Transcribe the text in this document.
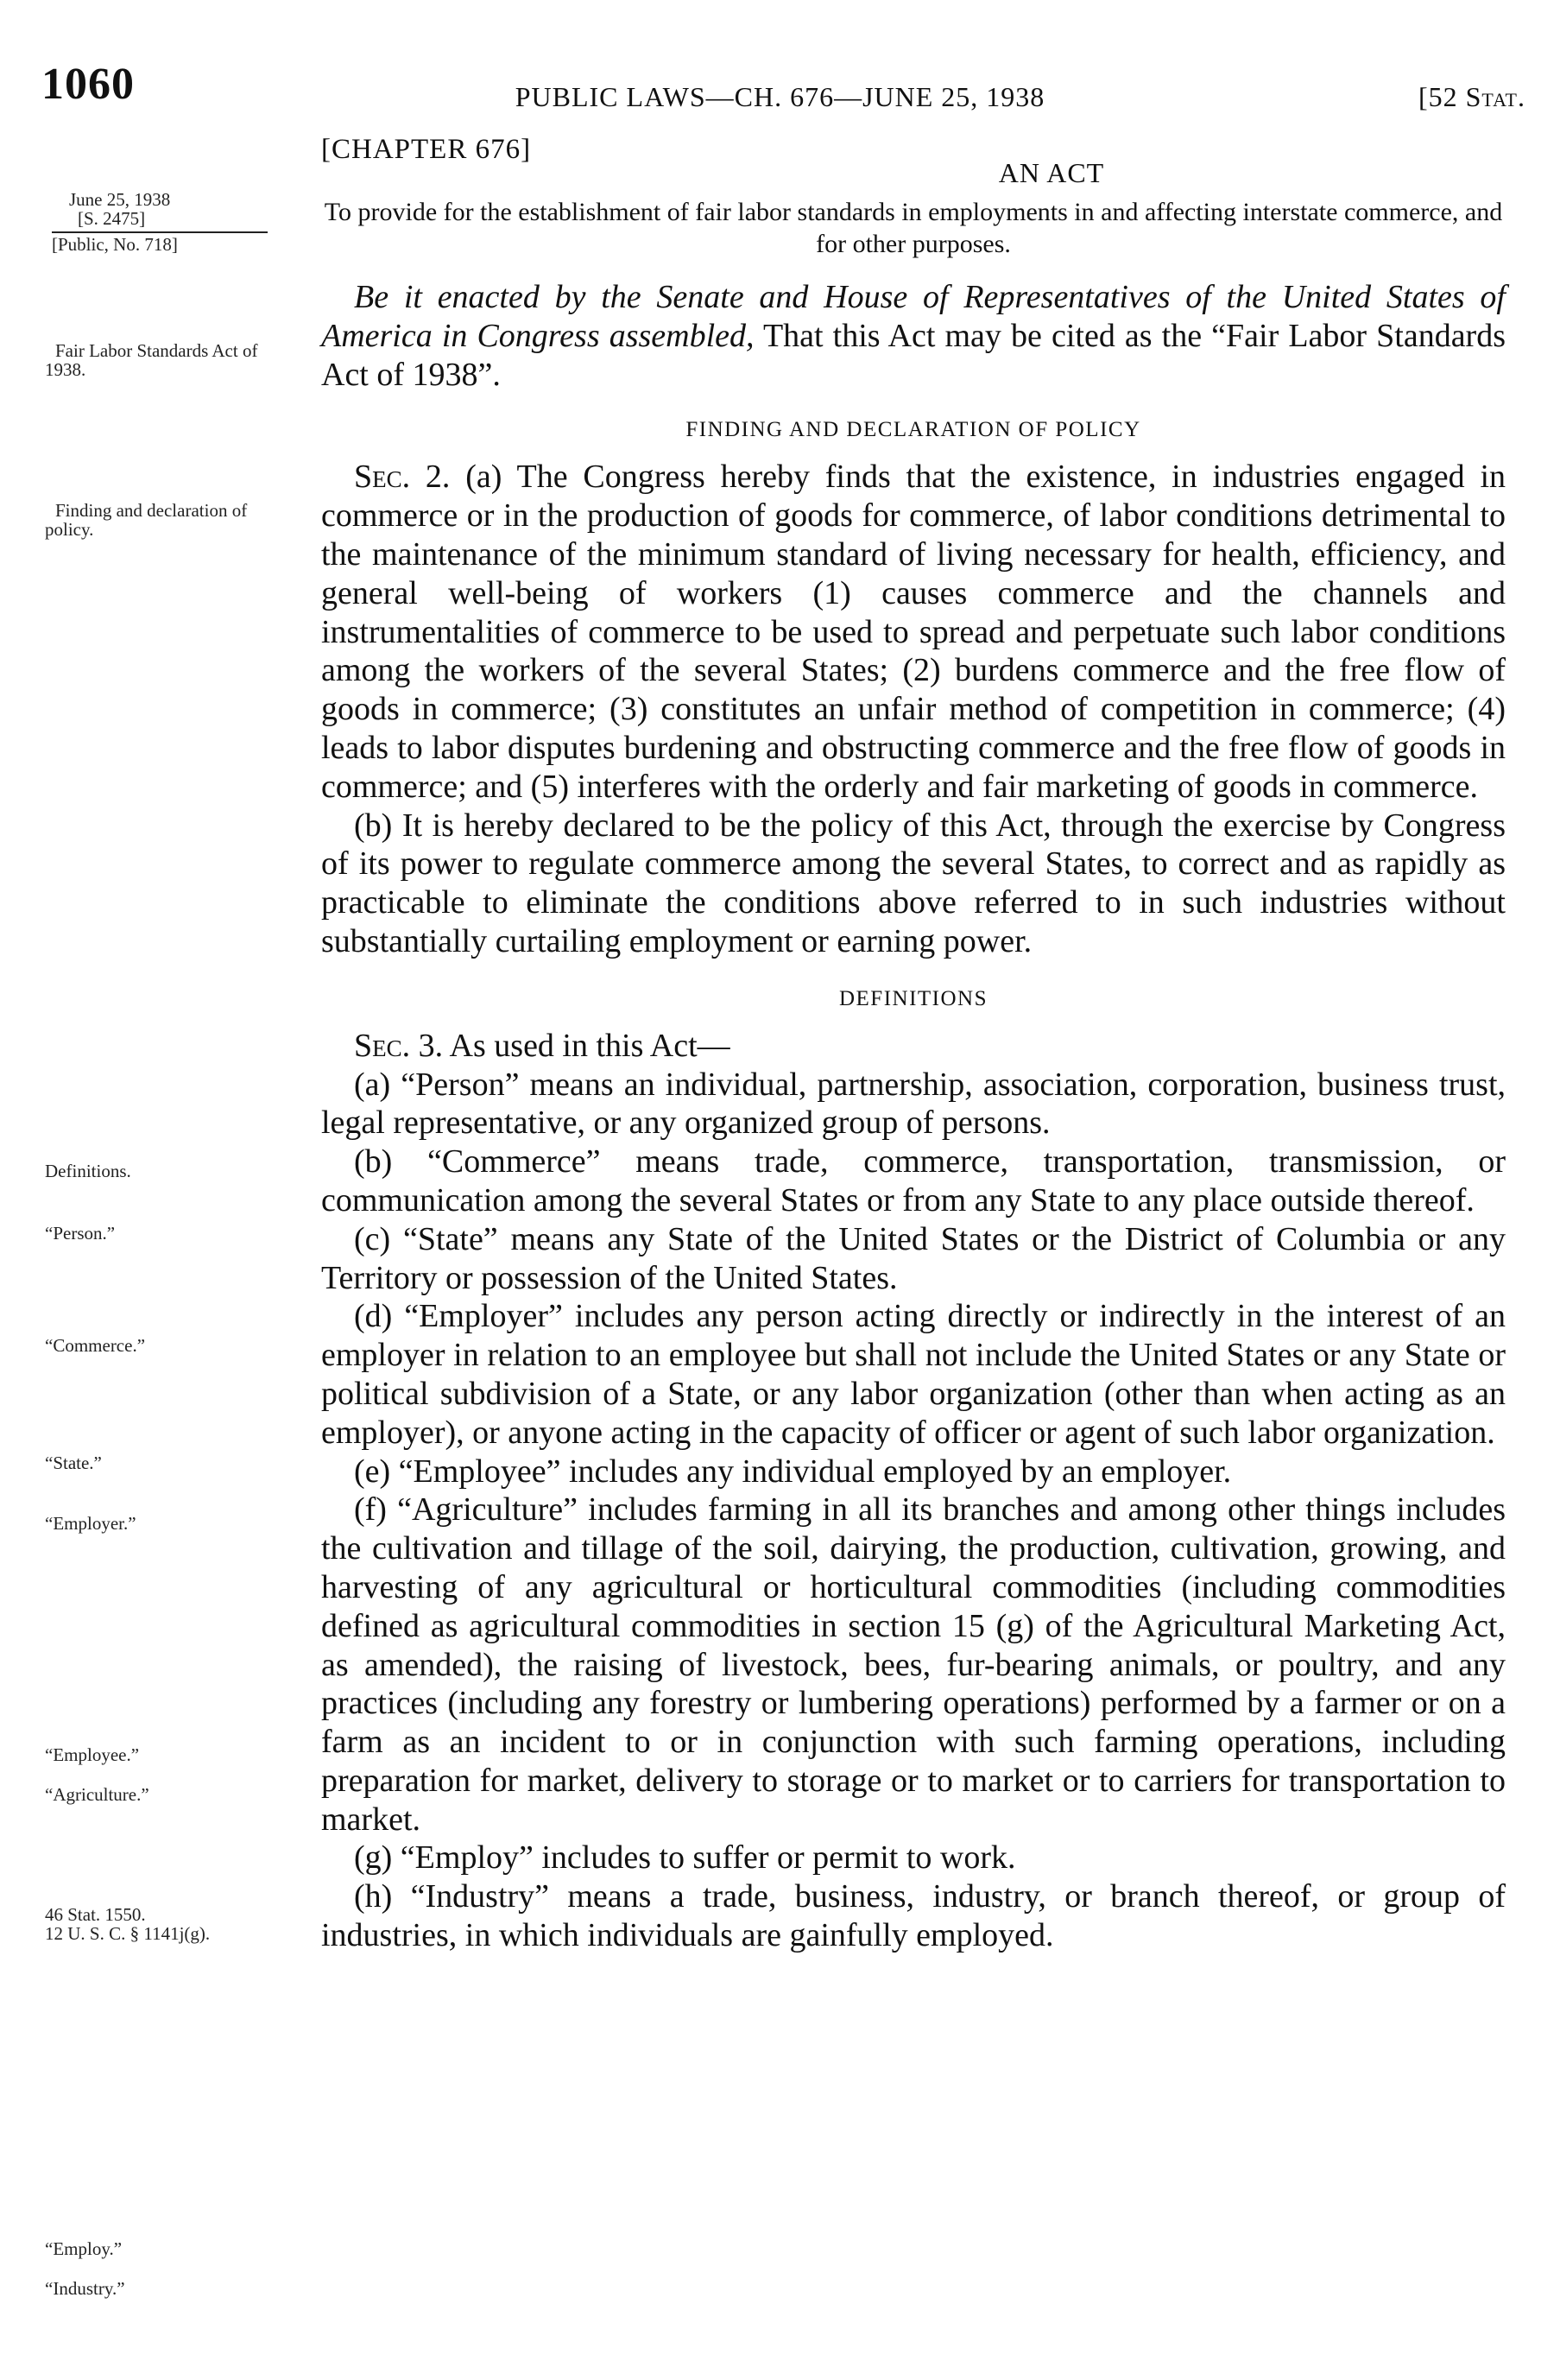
1060	PUBLIC LAWS—CH. 676—JUNE 25, 1938	[52 Stat.
June 25, 1938
[S. 2475]
[Public, No. 718]
Fair Labor Standards Act of 1938.
Finding and declaration of policy.
Definitions.
“Person.”
“Commerce.”
“State.”
“Employer.”
“Employee.”
“Agriculture.”
46 Stat. 1550.
12 U. S. C. § 1141j(g).
“Employ.”
“Industry.”
[CHAPTER 676]
AN ACT
To provide for the establishment of fair labor standards in employments in and affecting interstate commerce, and for other purposes.

Be it enacted by the Senate and House of Representatives of the United States of America in Congress assembled, That this Act may be cited as the “Fair Labor Standards Act of 1938”.

FINDING AND DECLARATION OF POLICY

Sec. 2. (a) The Congress hereby finds that the existence, in industries engaged in commerce or in the production of goods for commerce, of labor conditions detrimental to the maintenance of the minimum standard of living necessary for health, efficiency, and general well-being of workers (1) causes commerce and the channels and instrumentalities of commerce to be used to spread and perpetuate such labor conditions among the workers of the several States; (2) burdens commerce and the free flow of goods in commerce; (3) constitutes an unfair method of competition in commerce; (4) leads to labor disputes burdening and obstructing commerce and the free flow of goods in commerce; and (5) interferes with the orderly and fair marketing of goods in commerce.

(b) It is hereby declared to be the policy of this Act, through the exercise by Congress of its power to regulate commerce among the several States, to correct and as rapidly as practicable to eliminate the conditions above referred to in such industries without substantially curtailing employment or earning power.

DEFINITIONS

Sec. 3. As used in this Act—

(a) “Person” means an individual, partnership, association, corporation, business trust, legal representative, or any organized group of persons.

(b) “Commerce” means trade, commerce, transportation, transmission, or communication among the several States or from any State to any place outside thereof.

(c) “State” means any State of the United States or the District of Columbia or any Territory or possession of the United States.

(d) “Employer” includes any person acting directly or indirectly in the interest of an employer in relation to an employee but shall not include the United States or any State or political subdivision of a State, or any labor organization (other than when acting as an employer), or anyone acting in the capacity of officer or agent of such labor organization.

(e) “Employee” includes any individual employed by an employer.

(f) “Agriculture” includes farming in all its branches and among other things includes the cultivation and tillage of the soil, dairying, the production, cultivation, growing, and harvesting of any agricultural or horticultural commodities (including commodities defined as agricultural commodities in section 15 (g) of the Agricultural Marketing Act, as amended), the raising of livestock, bees, fur-bearing animals, or poultry, and any practices (including any forestry or lumbering operations) performed by a farmer or on a farm as an incident to or in conjunction with such farming operations, including preparation for market, delivery to storage or to market or to carriers for transportation to market.

(g) “Employ” includes to suffer or permit to work.

(h) “Industry” means a trade, business, industry, or branch thereof, or group of industries, in which individuals are gainfully employed.
